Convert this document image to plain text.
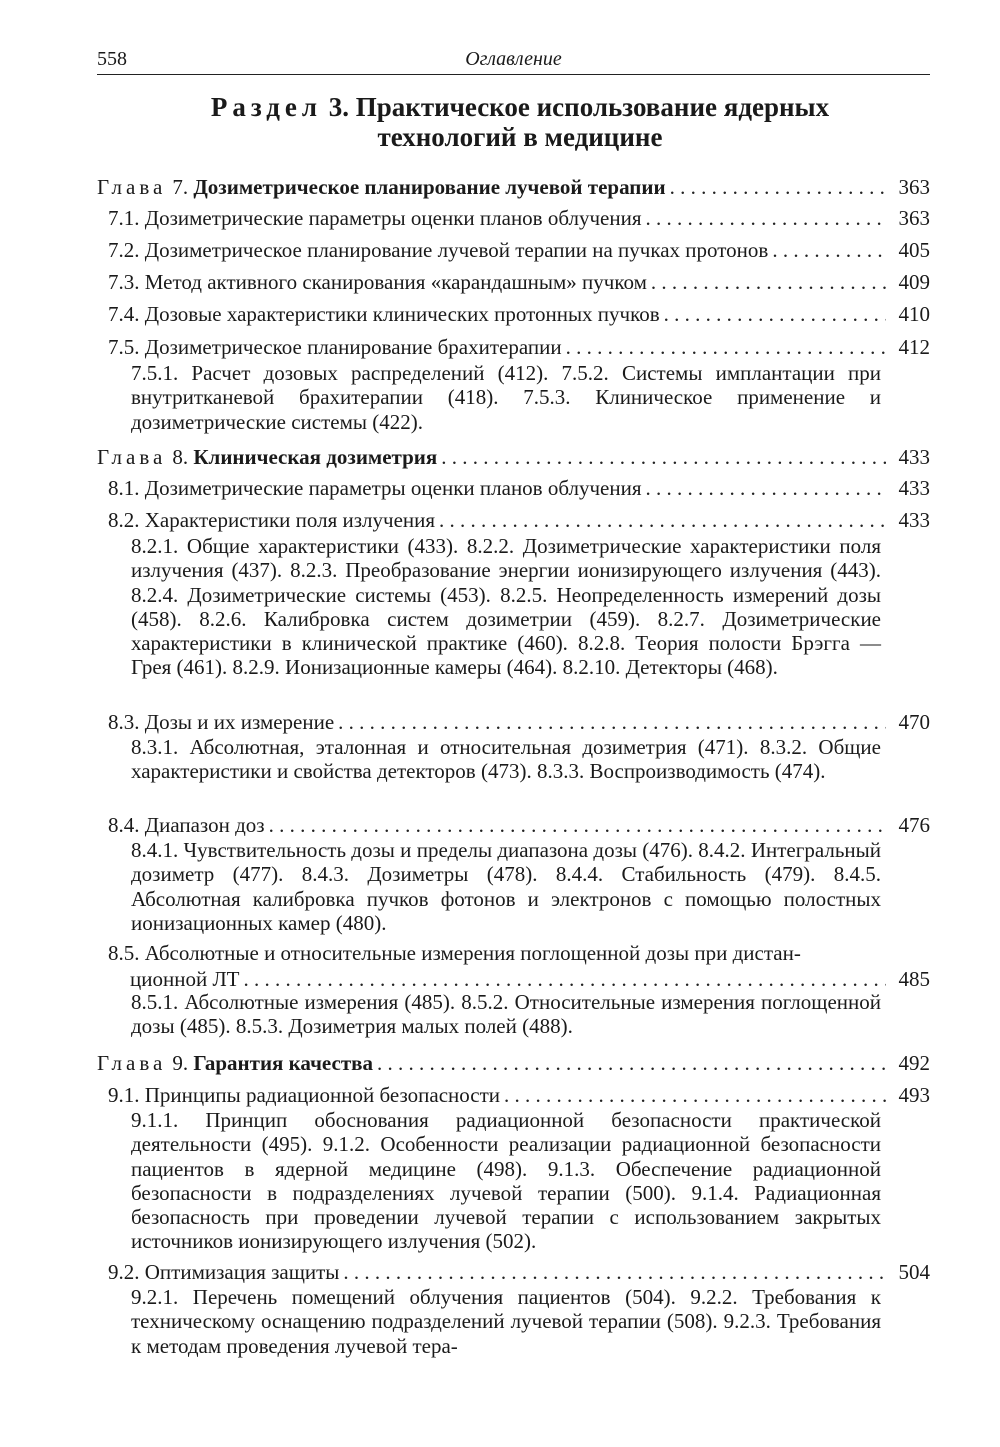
558	Оглавление
Раздел 3. Практическое использование ядерных
технологий в медицине
Глава 7. Дозиметрическое планирование лучевой терапии . . .	363
7.1. Дозиметрические параметры оценки планов облучения . . .	363
7.2. Дозиметрическое планирование лучевой терапии на пучках протонов . . .	405
7.3. Метод активного сканирования «карандашным» пучком . . .	409
7.4. Дозовые характеристики клинических протонных пучков . . .	410
7.5. Дозиметрическое планирование брахитерапии . . .	412
7.5.1. Расчет дозовых распределений (412). 7.5.2. Системы имплантации при внутритканевой брахитерапии (418). 7.5.3. Клиническое применение и дозиметрические системы (422).
Глава 8. Клиническая дозиметрия . . .	433
8.1. Дозиметрические параметры оценки планов облучения . . .	433
8.2. Характеристики поля излучения . . .	433
8.2.1. Общие характеристики (433). 8.2.2. Дозиметрические характеристики поля излучения (437). 8.2.3. Преобразование энергии ионизирующего излучения (443). 8.2.4. Дозиметрические системы (453). 8.2.5. Неопределенность измерений дозы (458). 8.2.6. Калибровка систем дозиметрии (459). 8.2.7. Дозиметрические характеристики в клинической практике (460). 8.2.8. Теория полости Брэгга — Грея (461). 8.2.9. Ионизационные камеры (464). 8.2.10. Детекторы (468).
8.3. Дозы и их измерение . . .	470
8.3.1. Абсолютная, эталонная и относительная дозиметрия (471). 8.3.2. Общие характеристики и свойства детекторов (473). 8.3.3. Воспроизводимость (474).
8.4. Диапазон доз . . .	476
8.4.1. Чувствительность дозы и пределы диапазона дозы (476). 8.4.2. Интегральный дозиметр (477). 8.4.3. Дозиметры (478). 8.4.4. Стабильность (479). 8.4.5. Абсолютная калибровка пучков фотонов и электронов с помощью полостных ионизационных камер (480).
8.5. Абсолютные и относительные измерения поглощенной дозы при дистан-
ционной ЛТ . . .	485
8.5.1. Абсолютные измерения (485). 8.5.2. Относительные измерения поглощенной дозы (485). 8.5.3. Дозиметрия малых полей (488).
Глава 9. Гарантия качества . . .	492
9.1. Принципы радиационной безопасности . . .	493
9.1.1. Принцип обоснования радиационной безопасности практической деятельности (495). 9.1.2. Особенности реализации радиационной безопасности пациентов в ядерной медицине (498). 9.1.3. Обеспечение радиационной безопасности в подразделениях лучевой терапии (500). 9.1.4. Радиационная безопасность при проведении лучевой терапии с использованием закрытых источников ионизирующего излучения (502).
9.2. Оптимизация защиты . . .	504
9.2.1. Перечень помещений облучения пациентов (504). 9.2.2. Требования к техническому оснащению подразделений лучевой терапии (508). 9.2.3. Требования к методам проведения лучевой тера-
